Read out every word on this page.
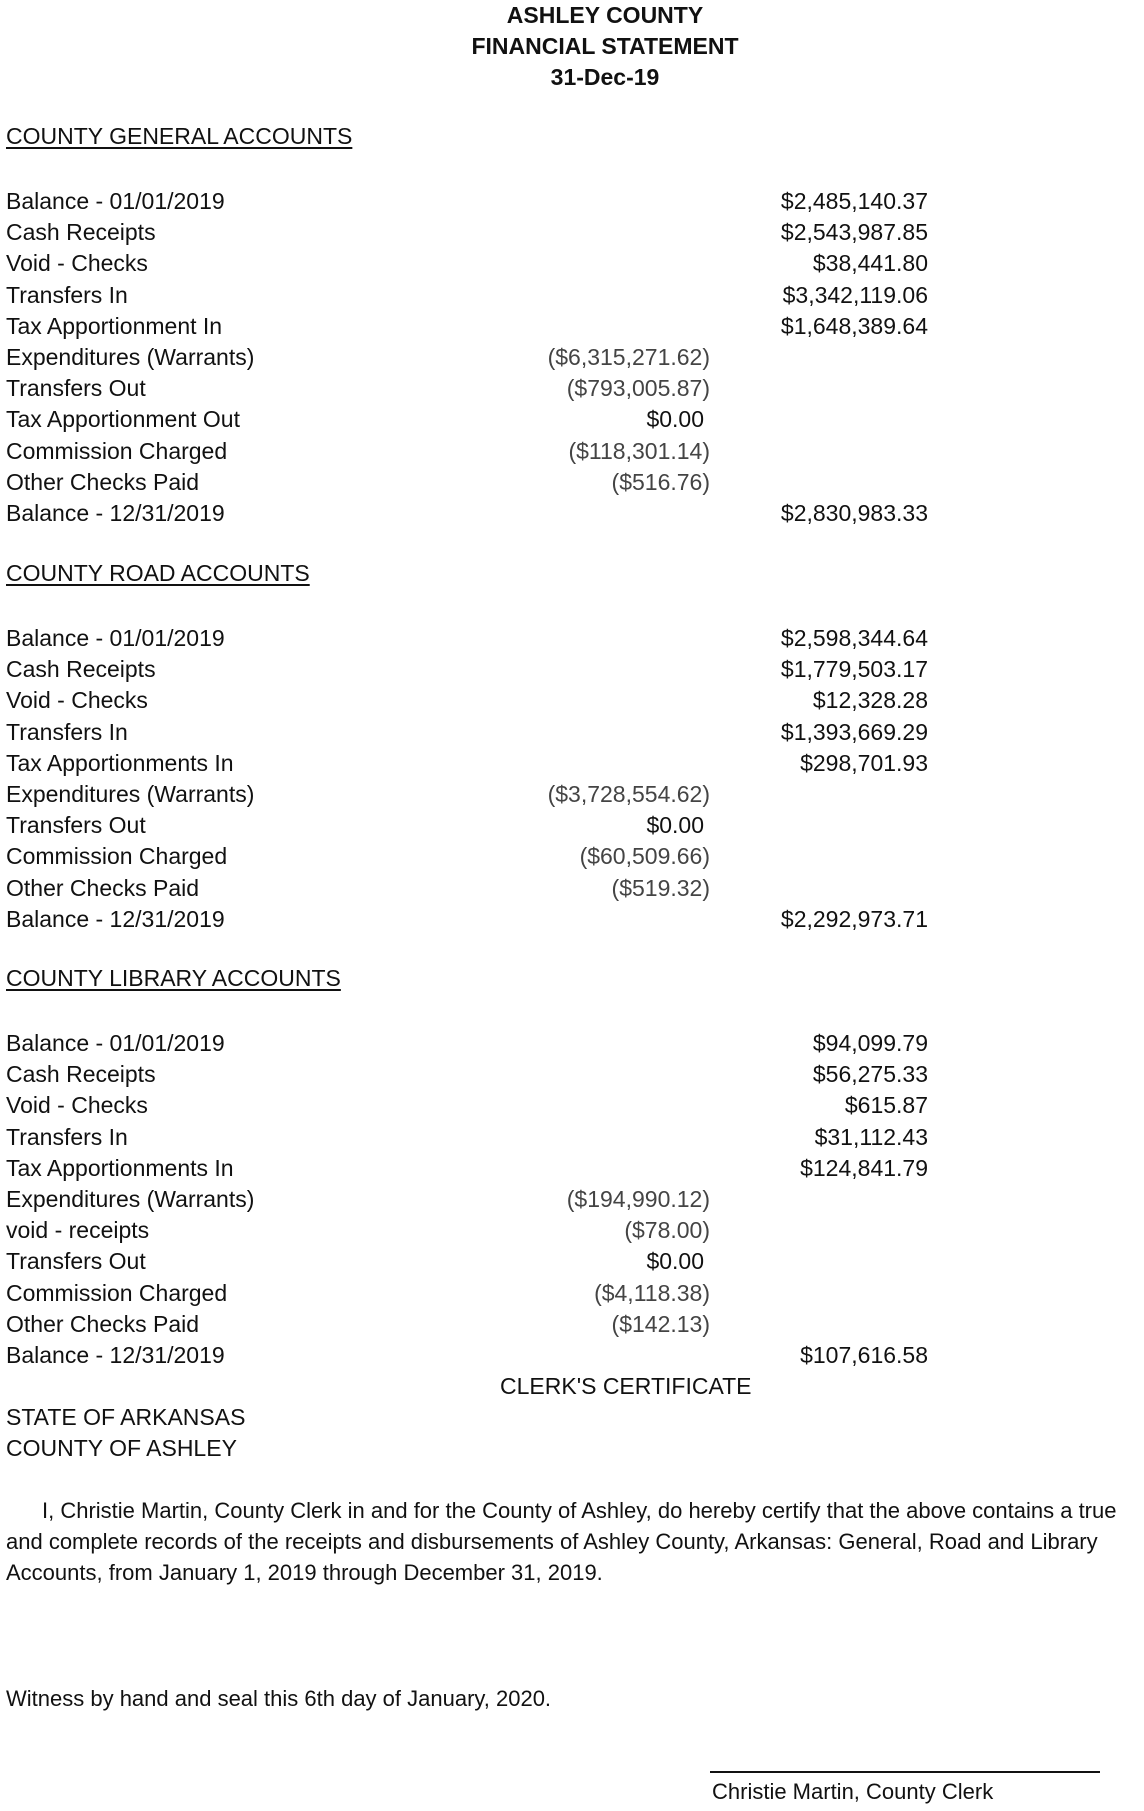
ASHLEY COUNTY
FINANCIAL STATEMENT
31-Dec-19
COUNTY GENERAL ACCOUNTS
COUNTY ROAD ACCOUNTS
COUNTY LIBRARY ACCOUNTS
Balance - 01/01/2019	$2,485,140.37
Cash Receipts	$2,543,987.85
Void - Checks	$38,441.80
Transfers In	$3,342,119.06
Tax Apportionment In	$1,648,389.64
Expenditures (Warrants)	($6,315,271.62)
Transfers Out	($793,005.87)
Tax Apportionment Out	$0.00
Commission Charged	($118,301.14)
Other Checks Paid	($516.76)
Balance - 12/31/2019	$2,830,983.33
Balance - 01/01/2019	$2,598,344.64
Cash Receipts	$1,779,503.17
Void - Checks	$12,328.28
Transfers In	$1,393,669.29
Tax Apportionments In	$298,701.93
Expenditures (Warrants)	($3,728,554.62)
Transfers Out	$0.00
Commission Charged	($60,509.66)
Other Checks Paid	($519.32)
Balance - 12/31/2019	$2,292,973.71
Balance - 01/01/2019	$94,099.79
Cash Receipts	$56,275.33
Void - Checks	$615.87
Transfers In	$31,112.43
Tax Apportionments In	$124,841.79
Expenditures (Warrants)	($194,990.12)
void - receipts	($78.00)
Transfers Out	$0.00
Commission Charged	($4,118.38)
Other Checks Paid	($142.13)
Balance - 12/31/2019	$107,616.58
CLERK'S CERTIFICATE
STATE OF ARKANSAS
COUNTY OF ASHLEY
I, Christie Martin, County Clerk in and for the County of Ashley, do hereby certify that the above contains a true and complete records of the receipts and disbursements of Ashley County, Arkansas: General, Road and Library Accounts, from January 1, 2019 through December 31, 2019.
Witness by hand and seal this 6th day of January, 2020.
Christie Martin, County Clerk
